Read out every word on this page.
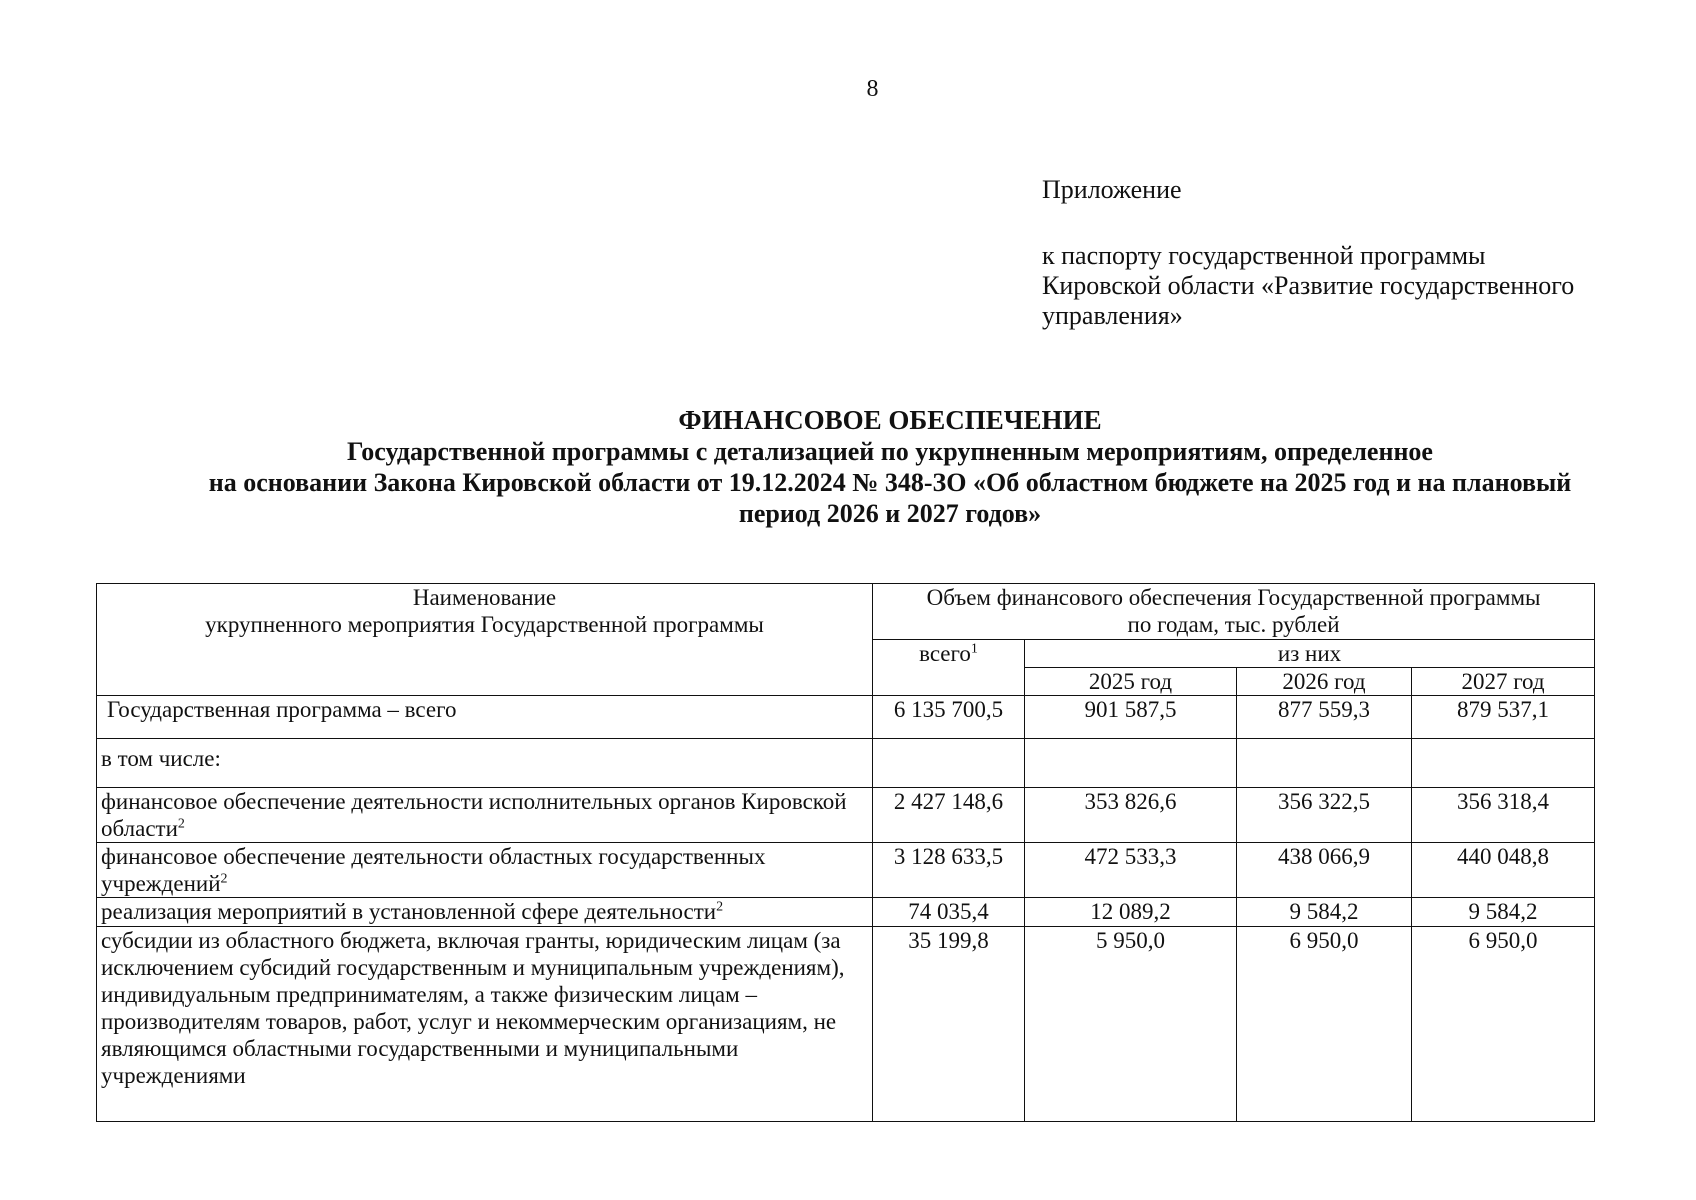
8

Приложение

к паспорту государственной программы
Кировской области «Развитие государственного
управления»

ФИНАНСОВОЕ ОБЕСПЕЧЕНИЕ
Государственной программы с детализацией по укрупненным мероприятиям, определенное
на основании Закона Кировской области от 19.12.2024 № 348-ЗО «Об областном бюджете на 2025 год и на плановый
период 2026 и 2027 годов»
Наименование
укрупненного мероприятия Государственной программы	Объем финансового обеспечения Государственной программы
по годам, тыс. рублей			
	всего$^1$	из них		
		2025 год	2026 год	2027 год
Государственная программа – всего	6 135 700,5	901 587,5	877 559,3	879 537,1
в том числе:				
финансовое обеспечение деятельности исполнительных органов Кировской области$^2$	2 427 148,6	353 826,6	356 322,5	356 318,4
финансовое обеспечение деятельности областных государственных учреждений$^2$	3 128 633,5	472 533,3	438 066,9	440 048,8
реализация мероприятий в установленной сфере деятельности$^2$	74 035,4	12 089,2	9 584,2	9 584,2
субсидии из областного бюджета, включая гранты, юридическим лицам (за исключением субсидий государственным и муниципальным учреждениям), индивидуальным предпринимателям, а также физическим лицам – производителям товаров, работ, услуг и некоммерческим организациям, не являющимся областными государственными и муниципальными учреждениями	35 199,8	5 950,0	6 950,0	6 950,0
